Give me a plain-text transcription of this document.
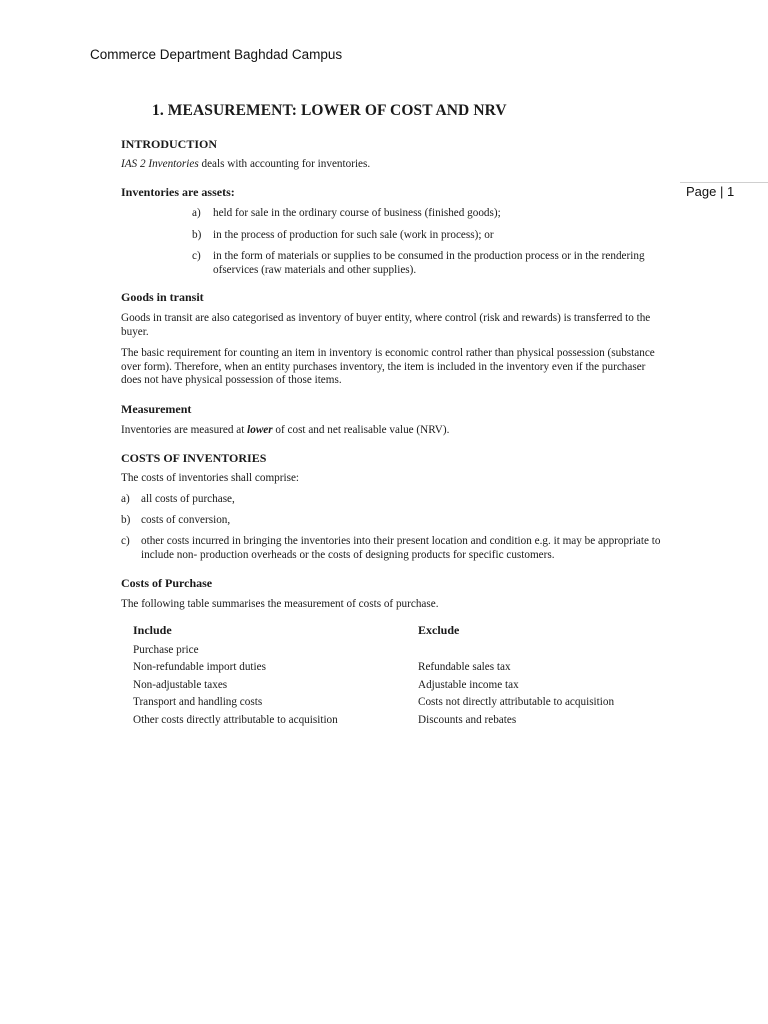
Commerce Department Baghdad Campus
Page | 1
1. MEASUREMENT: LOWER OF COST AND NRV
INTRODUCTION
IAS 2 Inventories deals with accounting for inventories.
Inventories are assets:
a) held for sale in the ordinary course of business (finished goods);
b) in the process of production for such sale (work in process); or
c) in the form of materials or supplies to be consumed in the production process or in the rendering ofservices (raw materials and other supplies).
Goods in transit
Goods in transit are also categorised as inventory of buyer entity, where control (risk and rewards) is transferred to the buyer.
The basic requirement for counting an item in inventory is economic control rather than physical possession (substance over form). Therefore, when an entity purchases inventory, the item is included in the inventory even if the purchaser does not have physical possession of those items.
Measurement
Inventories are measured at lower of cost and net realisable value (NRV).
COSTS OF INVENTORIES
The costs of inventories shall comprise:
a) all costs of purchase,
b) costs of conversion,
c) other costs incurred in bringing the inventories into their present location and condition e.g. it may be appropriate to include non- production overheads or the costs of designing products for specific customers.
Costs of Purchase
The following table summarises the measurement of costs of purchase.
Include	Exclude
Purchase price
Non-refundable import duties
Non-adjustable taxes
Transport and handling costs
Other costs directly attributable to acquisition
Refundable sales tax
Adjustable income tax
Costs not directly attributable to acquisition
Discounts and rebates
